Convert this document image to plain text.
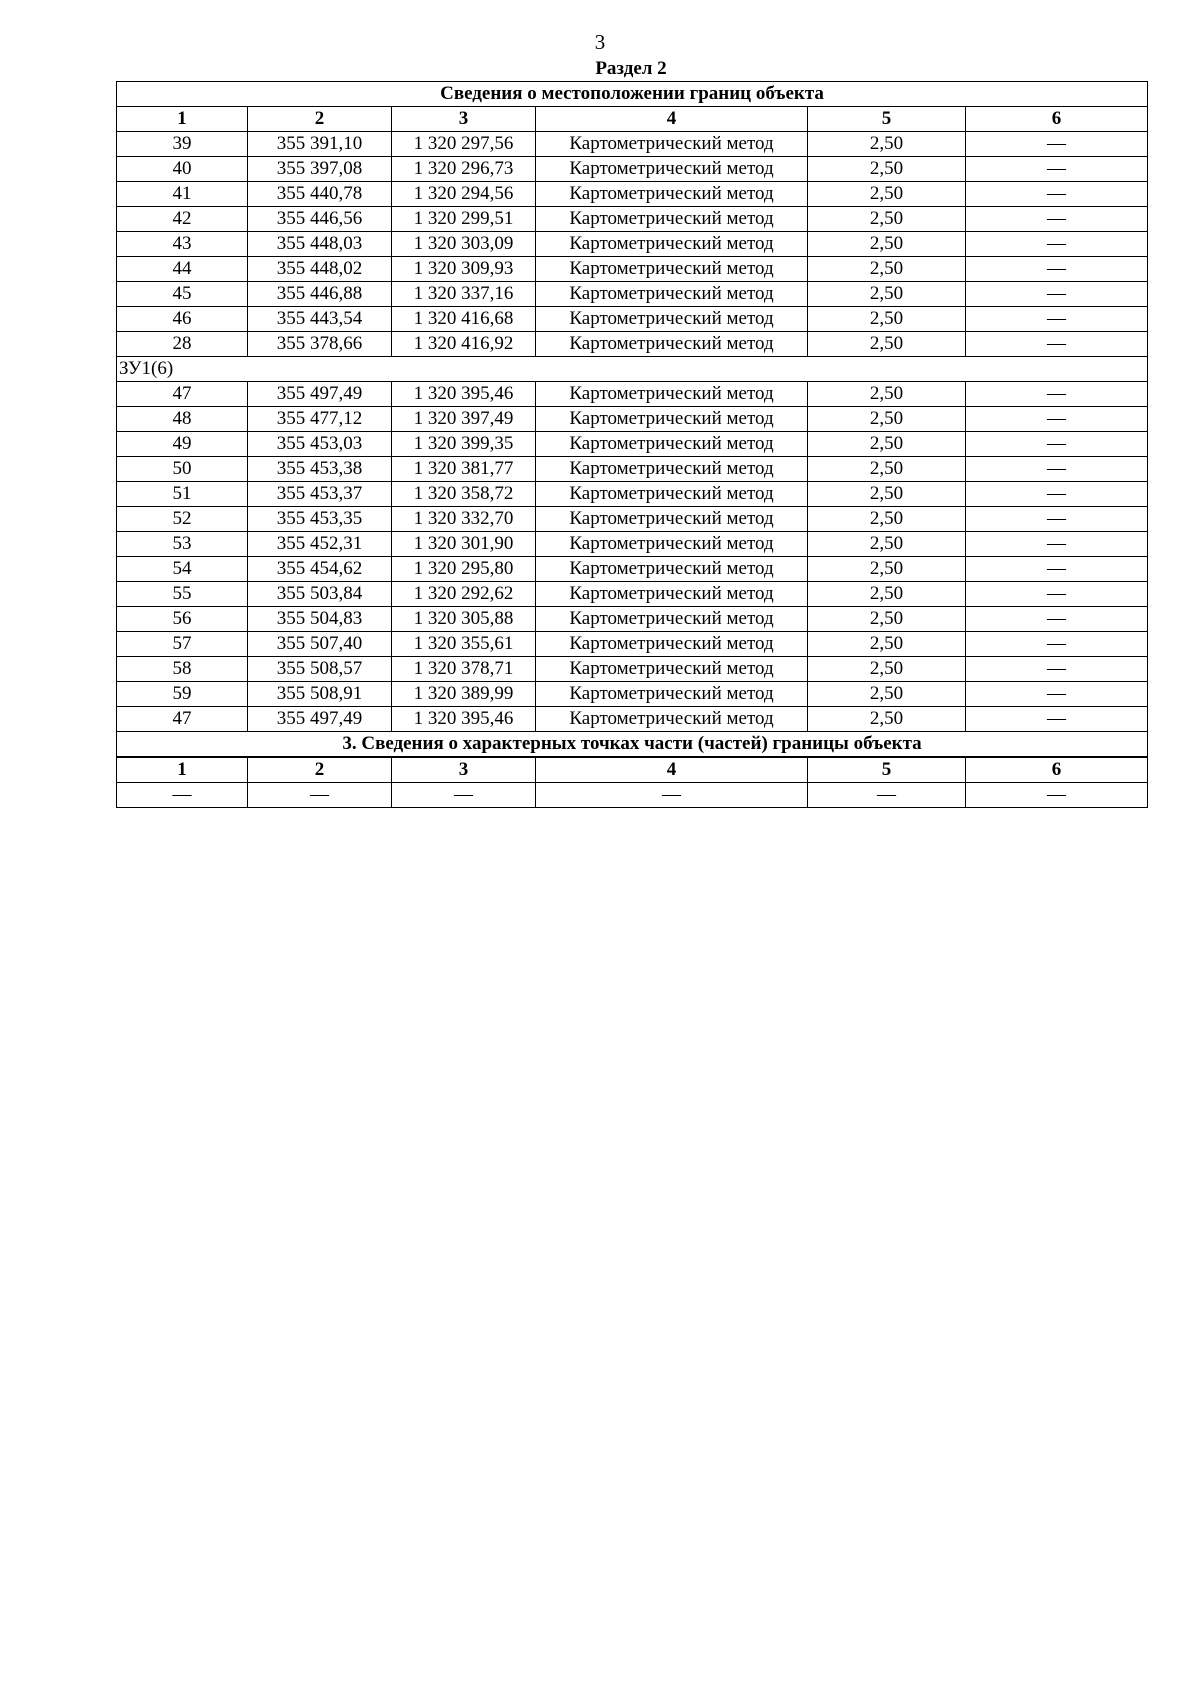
3
Раздел 2
Сведения о местоположении границ объекта					
1	2	3	4	5	6
39	355 391,10	1 320 297,56	Картометрический метод	2,50	—
40	355 397,08	1 320 296,73	Картометрический метод	2,50	—
41	355 440,78	1 320 294,56	Картометрический метод	2,50	—
42	355 446,56	1 320 299,51	Картометрический метод	2,50	—
43	355 448,03	1 320 303,09	Картометрический метод	2,50	—
44	355 448,02	1 320 309,93	Картометрический метод	2,50	—
45	355 446,88	1 320 337,16	Картометрический метод	2,50	—
46	355 443,54	1 320 416,68	Картометрический метод	2,50	—
28	355 378,66	1 320 416,92	Картометрический метод	2,50	—
ЗУ1(6)					
47	355 497,49	1 320 395,46	Картометрический метод	2,50	—
48	355 477,12	1 320 397,49	Картометрический метод	2,50	—
49	355 453,03	1 320 399,35	Картометрический метод	2,50	—
50	355 453,38	1 320 381,77	Картометрический метод	2,50	—
51	355 453,37	1 320 358,72	Картометрический метод	2,50	—
52	355 453,35	1 320 332,70	Картометрический метод	2,50	—
53	355 452,31	1 320 301,90	Картометрический метод	2,50	—
54	355 454,62	1 320 295,80	Картометрический метод	2,50	—
55	355 503,84	1 320 292,62	Картометрический метод	2,50	—
56	355 504,83	1 320 305,88	Картометрический метод	2,50	—
57	355 507,40	1 320 355,61	Картометрический метод	2,50	—
58	355 508,57	1 320 378,71	Картометрический метод	2,50	—
59	355 508,91	1 320 389,99	Картометрический метод	2,50	—
47	355 497,49	1 320 395,46	Картометрический метод	2,50	—
3. Сведения о характерных точках части (частей) границы объекта					
1	2	3	4	5	6
—	—	—	—	—	—
